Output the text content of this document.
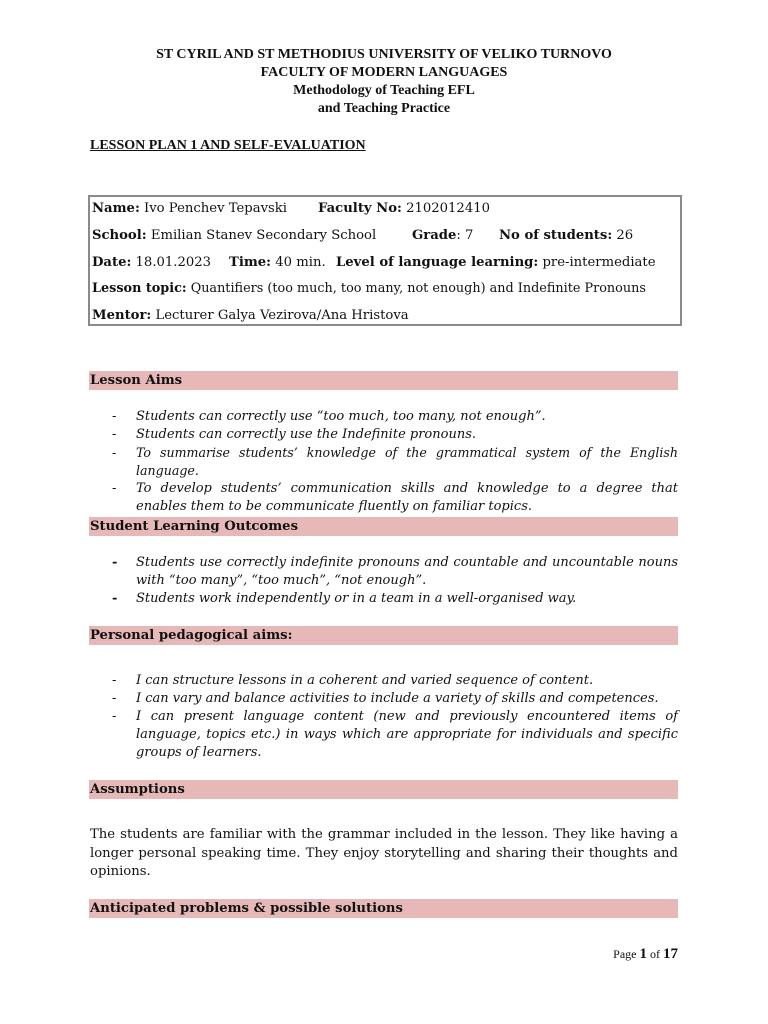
ST CYRIL AND ST METHODIUS UNIVERSITY OF VELIKO TURNOVO
FACULTY OF MODERN LANGUAGES
Methodology of Teaching EFL
and Teaching Practice
LESSON PLAN 1 AND SELF-EVALUATION
Name: Ivo Penchev Tepavski Faculty No: 2102012410
School: Emilian Stanev Secondary School	Grade: 7 No of students: 26
Date: 18.01.2023 Time: 40 min. Level of language learning: pre-intermediate
Lesson topic: Quantifiers (too much, too many, not enough) and Indefinite Pronouns
Mentor: Lecturer Galya Vezirova/Ana Hristova
Lesson Aims
- Students can correctly use “too much, too many, not enough”.
- Students can correctly use the Indefinite pronouns.
- To summarise students’ knowledge of the grammatical system of the English language.
- To develop students’ communication skills and knowledge to a degree that enables them to be communicate fluently on familiar topics.
Student Learning Outcomes
- Students use correctly indefinite pronouns and countable and uncountable nouns with “too many”, “too much”, “not enough”.
- Students work independently or in a team in a well-organised way.
Personal pedagogical aims:
- I can structure lessons in a coherent and varied sequence of content.
- I can vary and balance activities to include a variety of skills and competences.
- I can present language content (new and previously encountered items of language, topics etc.) in ways which are appropriate for individuals and specific groups of learners.
Assumptions
The students are familiar with the grammar included in the lesson. They like having a longer personal speaking time. They enjoy storytelling and sharing their thoughts and opinions.
Anticipated problems & possible solutions
Page 1 of 17
